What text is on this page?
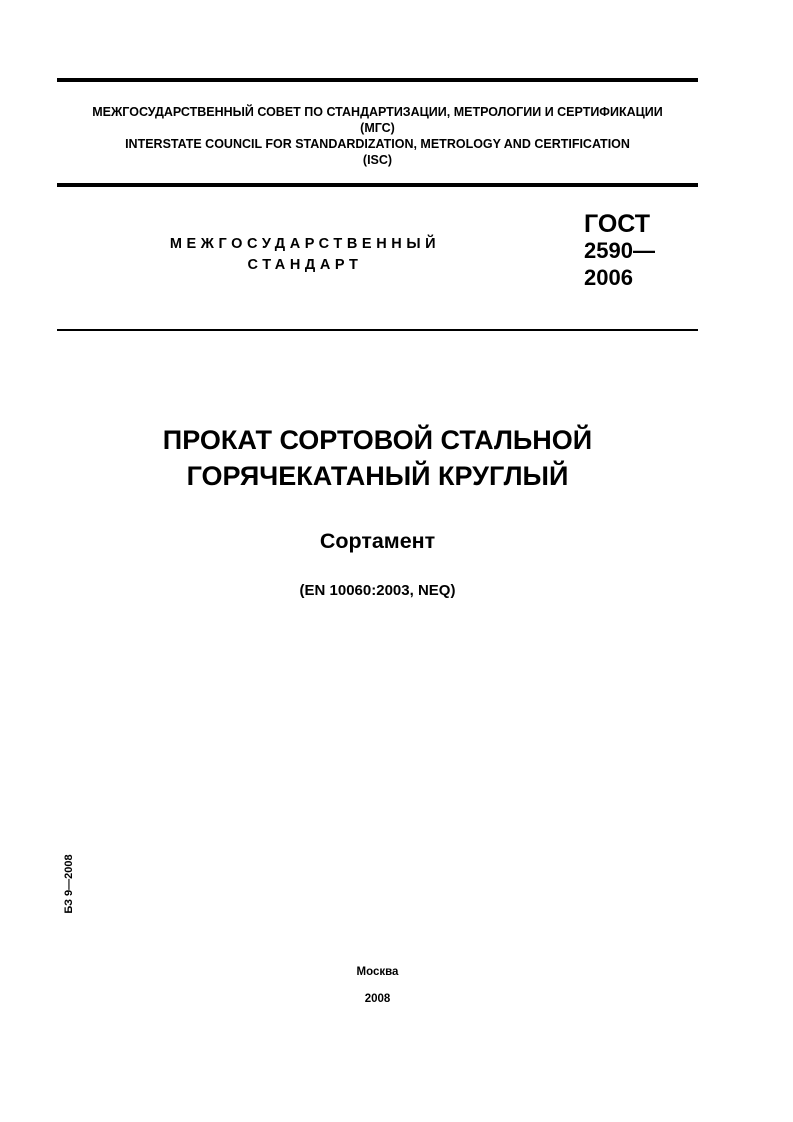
МЕЖГОСУДАРСТВЕННЫЙ СОВЕТ ПО СТАНДАРТИЗАЦИИ, МЕТРОЛОГИИ И СЕРТИФИКАЦИИ
(МГС)
INTERSTATE COUNCIL FOR STANDARDIZATION, METROLOGY AND CERTIFICATION
(ISC)
МЕЖГОСУДАРСТВЕННЫЙ
СТАНДАРТ
ГОСТ
2590—
2006
ПРОКАТ СОРТОВОЙ СТАЛЬНОЙ
ГОРЯЧЕКАТАНЫЙ КРУГЛЫЙ
Сортамент
(EN 10060:2003, NEQ)
БЗ 9—2008
Москва
2008
